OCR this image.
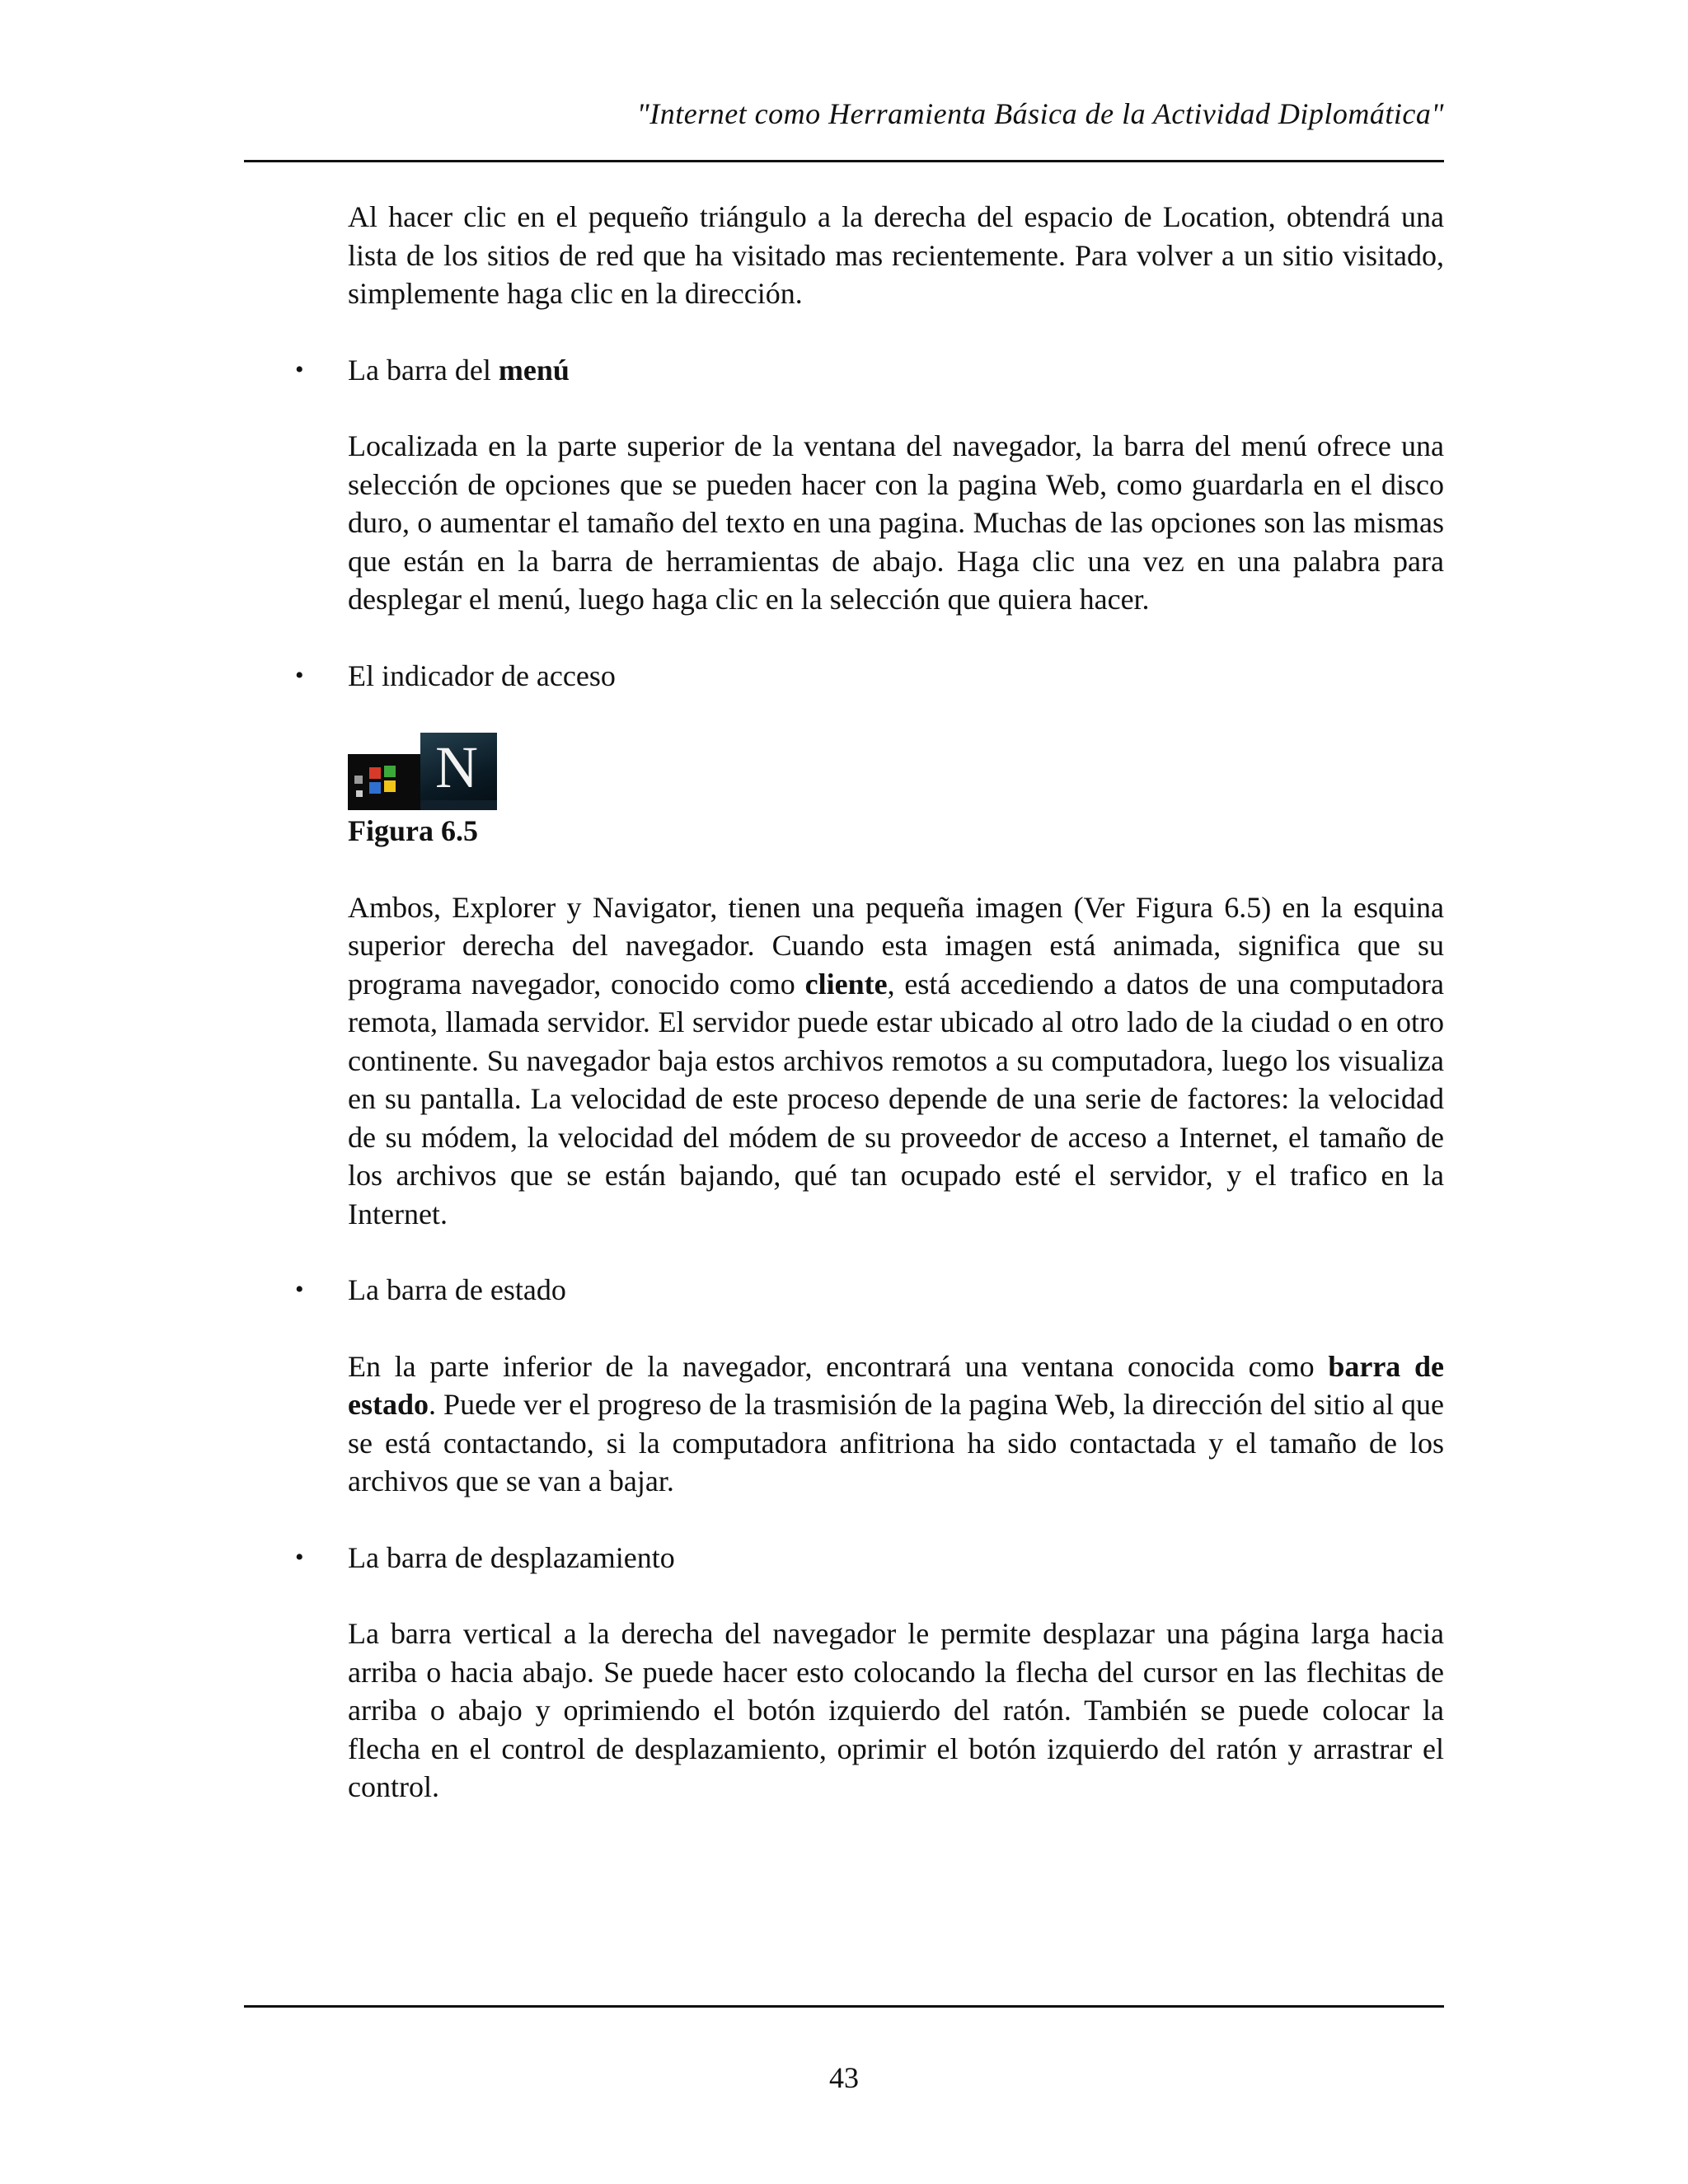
"Internet como Herramienta Básica de la Actividad Diplomática"

Al hacer clic en el pequeño triángulo a la derecha del espacio de Location, obtendrá una lista de los sitios de red que ha visitado mas recientemente. Para volver a un sitio visitado, simplemente haga clic en la dirección.

• La barra del menú

Localizada en la parte superior de la ventana del navegador, la barra del menú ofrece una selección de opciones que se pueden hacer con la pagina Web, como guardarla en el disco duro, o aumentar el tamaño del texto en una pagina. Muchas de las opciones son las mismas que están en la barra de herramientas de abajo. Haga clic una vez en una palabra para desplegar el menú, luego haga clic en la selección que quiera hacer.

• El indicador de acceso
N
Figura 6.5

Ambos, Explorer y Navigator, tienen una pequeña imagen (Ver Figura 6.5) en la esquina superior derecha del navegador. Cuando esta imagen está animada, significa que su programa navegador, conocido como cliente, está accediendo a datos de una computadora remota, llamada servidor. El servidor puede estar ubicado al otro lado de la ciudad o en otro continente. Su navegador baja estos archivos remotos a su computadora, luego los visualiza en su pantalla. La velocidad de este proceso depende de una serie de factores: la velocidad de su módem, la velocidad del módem de su proveedor de acceso a Internet, el tamaño de los archivos que se están bajando, qué tan ocupado esté el servidor, y el trafico en la Internet.

• La barra de estado

En la parte inferior de la navegador, encontrará una ventana conocida como barra de estado. Puede ver el progreso de la trasmisión de la pagina Web, la dirección del sitio al que se está contactando, si la computadora anfitriona ha sido contactada y el tamaño de los archivos que se van a bajar.

• La barra de desplazamiento

La barra vertical a la derecha del navegador le permite desplazar una página larga hacia arriba o hacia abajo. Se puede hacer esto colocando la flecha del cursor en las flechitas de arriba o abajo y oprimiendo el botón izquierdo del ratón. También se puede colocar la flecha en el control de desplazamiento, oprimir el botón izquierdo del ratón y arrastrar el control.

43
